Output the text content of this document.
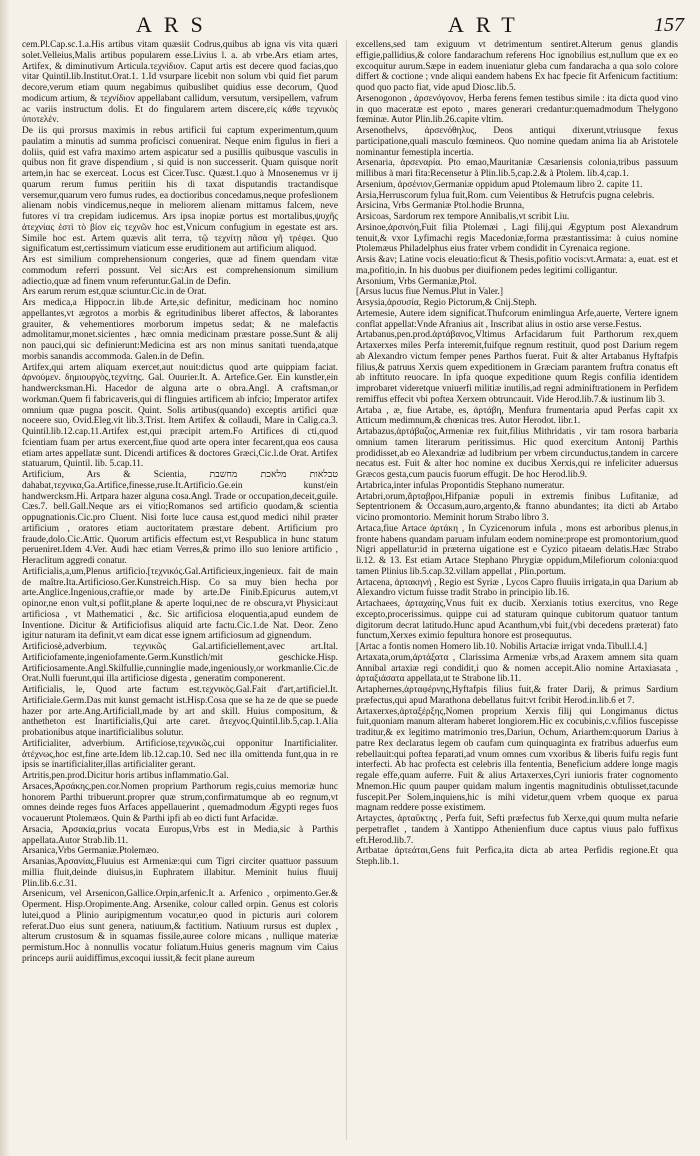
ARS	ART	157

cem.Pl.Cap.sc.1.a.His artibus vitam quæsiit Codrus,quibus ab igna vis vita quæri solet.Velleius,Malis artibus popularem esse.Livius l. a. ab vrbe.Ars etiam artes, Artifex, & diminutivum Articula.τεχνίδιον. Caput artis est decere quod facias,quo vitar Quintil.lib.Institut.Orat.1. 1.Id vsurpare licebit non solum vbi quid fiet parum decore,verum etiam quum negabimus quibuslibet quidius esse decorum, Quod modicum artium, & τεχνίδιον appellabant callidum, versutum, versipellem, vafrum ac variis instructum dolis. Et do fingularem artem discere,εἰς κάθε τεχνικὸς ὑποτελέν.

De iis qui prorsus maximis in rebus artificii fui captum experimentum,quum paulatim a minutis ad summa proficisci conuenirat. Neque enim figulus in fieri a doliis, quid est vafra maximo artem aspicatur sed a pusillis quibusque vasculis in quibus non fit grave dispendium , si quid is non successerit. Quam quisque norit artem,in hac se exerceat. Locus est Cicer.Tusc. Quæst.1.quo à Mnosenemus vr ij quarum rerum fumus peritiin his di taxat disputandis tractandisque versemur,quarum vero fumus rudes, ea doctioribus concedamus,neque profeslionem alienam nobis vindicemus,neque in meliorem alienam mittamus falcem, neve futores vi tra crepidam iudicemus. Ars ipsa inopiæ portus est mortalibus,ψυχῆς ἀτεχνίας ἐστὶ τὸ βίον εἰς τεχνῶν hoc est,Vnicum confugium in egestate est ars. Simile hoc est. Artem quævis alit terra, τῷ τεχνίτῃ πᾶσα γῆ τρέφει. Quo significatum est,certissimum viaticum esse eruditionem aut artificium aliquod.

Ars est similium comprehensionum congeries, quæ ad finem quendam vitæ commodum referri possunt. Vel sic:Ars est comprehensionum similium adiectio,quæ ad finem vnum referuntur.Gal.in de Defin.

Ars earum rerum est,quæ sciuntur.Cic.in de Orat.

Ars medica,a Hippocr.in lib.de Arte,sic definitur, medicinam hoc nomino appellantes,vt ægrotos a morbis & egritudinibus liberet affectos, & laborantes grauiter, & vehementiores morborum impetus sedat; & ne malefactis admolitamur,monet.sicientes , hæc omnia medicinam præstare posse.Sunt & alij non pauci,qui sic definierunt:Medicina est ars non minus sanitati tuenda,atque morbis sanandis accommoda. Galen.in de Defin.

Artifex,qui artem aliquam exercet,aut nouit:dictus quod arte quippiam faciat. ἀρνούμεν. δημιουργὸς,τεχνίτης. Gal. Ouurier.It. A. Artefice.Ger. Ein kunstler,ein handwercksman.Hi. Hacedor de alguna arte o obra.Angl. A craftsman,or workman.Quem fi fabricaveris,qui di flinguies artificem ab infcio; Imperator artifex omnium quæ pugna poscit. Quint. Solis artibus(quando) exceptis artifici quæ noceere suo, Ovid.Eleg.vit lib.3.Trist. Item Artifex & collaudi, Mare in Calig.ca.3. Quintil.lib.12.cap.11.Artifex est,qui præcipit artem.Fo Artifices di cti,quod fcientiam fuam per artus exercent,fiue quod arte opera inter fecarent,qua eos causa etiam artes appellatæ sunt. Dicendi artifices & doctores Græci,Cic.l.de Orat. Artifex statuarum, Quintil. lib. 5.cap.11.

Artificium, Ars & Scientia, טבלאות מלאכת מחשבת dahabat,τεχνικα,Ga.Artifice,finesse,ruse.It.Artificio.Ge.ein kunst/ein handwercksm.Hi. Artpara hazer alguna cosa.Angl. Trade or occupation,deceit,guile. Cæs.7. bell.Gall.Neque ars ei vitio;Romanos sed artificio quodam,& scientia oppugnationis.Cic.pro Cluent. Nisi forte luce causa est,quod medici nihil præter artificium , oratores etiam auctoritatem præstare debent. Artificium pro fraude,dolo.Cic.Attic. Quorum artificis effectum est,vt Respublica in hunc statum perueniret.Idem 4.Ver. Audi hæc etiam Verres,& primo illo suo leniore artificio , Heraclitum aggredi conatur.

Artificialis,a,um,Plenus artificio.[τεχνικός.Gal.Artificieux,ingenieux. fait de main de maître.Ita.Artificioso.Ger.Kunstreich.Hisp. Co sa muy bien hecha por arte.Anglice.Ingenious,craftie,or made by arte.De Finib.Epicurus autem,vt opinor,ne enon vult,si poflit,plane & aperte loqui,nec de re obscura,vt Physici:aut artificiosa , vt Mathematici , &c. Sic artificiosa eloquentia,apud eundem de Inventione. Dicitur & Artificiofisus aliquid arte factu.Cic.1.de Nat. Deor. Zeno igitur naturam ita definit,vt eam dicat esse ignem artificiosum ad gignendum.

Artificiosè,adverbium. τεχνικῶς Gal.artificiellement,avec art.Ital. Artificiofamente,ingeniofamente.Germ.Kunstlich/mit geschicke.Hisp. Artificiosamente.Angl.Skilfullie,cunninglie made,ingeniously,or workmanlie.Cic.de Orat.Nulli fuerunt,qui illa artificiose digesta , generatim componerent.

Artificialis, le, Quod arte factum est.τεχνικὸς.Gal.Fait d'art,artificiel.It. Artificiale.Germ.Das mit kunst gemacht ist.Hisp.Cosa que se ha ze de que se puede hazer por arte.Ang.Artificiall,made by art and skill. Huius compositum, & anthetheton est Inartificialis,Qui arte caret. ἄτεχνος.Quintil.lib.5,cap.1.Alia probationibus atque inartificialibus solutur.

Artificialiter, adverbium. Artificiose,τεχνικῶς,cui opponitur Inartificialiter. ἀτέχνως,hoc est,fine arte.Idem lib.12.cap.10. Sed nec illa omittenda funt,qua in re ipsis se inartificialiter,illas artificialiter gerant.

Artritis,pen.prod.Dicitur horis artibus inflammatio.Gal.

Arsaces,Ἀρσάκης,pen.cor.Nomen proprium Parthorum regis,cuius memoriæ hunc honorem Parthi tribuerunt.proprer quæ strum,confirmatumque ab eo regnum,vt omnes deinde reges fuos Arfaces appellauerint , quemadmodum Ægypti reges fuos vocauerunt Ptolemæos. Quin & Parthi ipfi ab eo dicti funt Arfacidæ.

Arsacia, Ἀρσακία,prius vocata Europus,Vrbs est in Media,sic à Parthis appellata.Autor Strab.lib.11.

Arsanica,Vrbs Germaniæ.Ptolemæo.

Arsanias,Ἀρσανίας,Fluuius est Armeniæ:qui cum Tigri circiter quattuor passuum millia fluit,deinde diuisus,in Euphratem illabitur. Meminit huius fluuij Plin.lib.6.c.31.

Arsenicum, vel Arsenicon,Gallice.Orpin,arfenic.It a. Arfenico , orpimento.Ger.& Operment. Hisp.Oropimente.Ang. Arsenike, colour called orpin. Genus est coloris lutei,quod a Plinio auripigmentum vocatur,eo quod in picturis auri colorem referat.Duo eius sunt genera, natiuum,& factitium. Natiuum rursus est duplex , alterum crustosum & in squamas fissile,auree colore micans , nullique materiæ permistum.Hoc à nonnullis vocatur foliatum.Huius generis magnum vim Caius princeps aurii auidiffimus,excoqui iussit,& fecit plane aureum

excellens,sed tam exiguum vt detrimentum sentiret.Alterum genus glandis effigie,pallidius,& colore fandarachum referens Hoc ignobilius est,nullum que ex eo excoquitur aurum.Sæpe in eadem inueniatur gleba cum fandaracha a qua solo colore differt & coctione ; vnde aliqui eandem habens Ex hac fpecie fit Arfenicum factitium: quod quo pacto fiat, vide apud Diosc.lib.5.

Arsenogonon , ἀρσενόγονον, Herba ferens femen testibus simile : ita dicta quod vino in quo maceratæ est epoto , mares generari credantur:quemadmodum Thelygono fœminæ. Autor Plin.lib.26.capite vltim.

Arsenothelvs, ἀρσενόθηλυς, Deos antiqui dixerunt,vtriusque fexus participatione,quali masculo fœmineos. Quo nomine quedam anima lia ab Aristotele nominantur femestipla incertia.

Arsenaria, ἀρσεναρία. Pto emao,Mauritaniæ Cæsariensis colonia,tribus passuum millibus à mari fita:Recensetur à Plin.lib.5,cap.2.& à Ptolem. lib.4,cap.1.

Arsenium, ἀρσένιον,Germaniæ oppidum apud Ptolemaum libro 2. capite 11.

Arsia,Herruscorum fylua fuit,Rom. cum Veientibus & Hetrufcis pugna celebris.

Arsicina, Vrbs Germaniæ Ptol.hodie Brunna,

Arsicoas, Sardorum rex tempore Annibalis,vt scribit Liu.

Arsinoe,ἀρσινόη,Fuit filia Ptolemæi , Lagi filij,qui Ægyptum post Alexandrum tenuit,& vxor Lyfimachi regis Macedoniæ,forma præstantissima: à cuius nomine Ptolemæus Philadelphus eius frater vrbem condidit in Cyrenaica regione.

Arsis &av; Latine vocis eleuatio:ficut & Thesis,pofitio vocis:vt.Armata: a, euat. est et ma,pofitio,in. In his duobus per diuifionem pedes legitimi colligantur.

Arsonium, Vrbs Germaniæ,Ptol.

[Arsus lucus fiue Nemus.Plut in Valer.]

Arsysia,ἀρσυσία, Regio Pictorum,& Cnij.Steph.

Artemesie, Autere idem significat.Thufcorum enimlingua Arfe,auerte, Vertere ignem conflat appellat:Vnde Afranius ait , Inscribat alius in ostio arse verse.Festus.

Artabanus,pen.prod.ἀρτάβανος,Vltimus Arfacidarum fuit Parthorum rex,quem Artaxerxes miles Perfa interemit,fuifque regnum restituit, quod post Darium regem ab Alexandro victum femper penes Parthos fuerat. Fuit & alter Artabanus Hyftafpis filius,& patruus Xerxis quem expeditionem in Græciam parantem fruftra conatus eft ab inftituto reuocare. In ipfa quoque expeditione quum Regis confilia identidem improbaret videretque vniuerfi militiæ inutilis,ad regni adminiftrationem in Perfidem remiffus effecit vbi poftea Xerxem obtruncauit. Vide Herod.lib.7.& iustinum lib 3.

Artaba , æ, fiue Artabe, es, ἀρτάβη, Menfura frumentaria apud Perfas capit xx Atticum medimnum,& chœnicas tres. Autor Herodot. libr.1.

Artabazus,ἀρτάβαζος,Armeniæ rex fuit,filius Mithridatis , vir tam rosora barbaria omnium tamen literarum peritissimus. Hic quod exercitum Antonij Parthis prodidisset,ab eo Alexandriæ ad ludibrium per vrbem circunductus,tandem in carcere necatus est. Fuit & alter hoc nomine ex ducibus Xerxis,qui re infeliciter aduersus Græcos gesta,cum paucis fuorum effugit. De hoc Herod.lib.9.

Artabrica,inter infulas Propontidis Stephano numeratur.

Artabri,orum,ἄρταβροι,Hifpaniæ populi in extremis finibus Lufitaniæ, ad Septentrionem & Occasum,auro,argento,& ftanno abundantes; ita dicti ab Artabo vicino promontorio. Meminit horum Strabo libro 3.

Artaca,fiue Artace ἀρτάκη , In Cyzicenorum infula , mons est arboribus plenus,in fronte habens quandam paruam infulam eodem nomine:prope est promontorium,quod Nigri appellatur:id in præterna uigatione est e Cyzico pitaeam delatis.Hæc Strabo li.12. & 13. Est etiam Artace Stephano Phrygiæ oppidum,Milefiorum colonia:quod tamen Plinius lib.5.cap.32.villam appellat , Plin.portum.

Artacena, ἀρτακηνή , Regio est Syriæ , Lycos Capro fluuiis irrigata,in qua Darium ab Alexandro victum fuisse tradit Strabo in principio lib.16.

Artachaees, ἀρταχαίης,Vnus fuit ex ducib. Xerxianis totius exercitus, vno Rege excepto,procerissimus. quippe cui ad staturam quinque cubitorum quatuor tantum digitorum decrat latitudo.Hunc apud Acanthum,vbi fuit,(vbi decedens præterat) fato functum,Xerxes eximio fepultura honore est prosequutus.

[Artac a fontis nomen Homero lib.10. Nobilis Artaciæ irrigat vnda.Tibull.l.4.]

Artaxata,orum,ἀρτάξατα , Clarissima Armeniæ vrbs,ad Araxem amnem sita quam Annibal artaxiæ regi condidit,i quo & nomen accepit.Alio nomine Artaxiasata , ἀρταξιάσατα appellata,ut te Strabone lib.11.

Artaphernes,ἀρταφέρνης,Hyftafpis filius fuit,& frater Darij, & primus Sardium præfectus,qui apud Marathona debellatus fuit:vt fcribit Herod.in.lib.6 et 7.

Artaxerxes,ἀρταξέρξης,Nomen proprium Xerxis filij qui Longimanus dictus fuit,quoniam manum alteram haberet longiorem.Hic ex cocubinis,c.v.filios fuscepisse traditur,& ex legitimo matrimonio tres,Dariun, Ochum, Ariarthem:quorum Darius à patre Rex declaratus legem ob caufam cum quinquaginta ex fratribus aduerfus eum rebellauit:qui poftea feparati,ad vnum omnes cum vxoribus & liberis fuifu regis funt interfecti. Ab hac profecta est celebris illa fententia, Beneficium addere longe magis regale effe,quam auferre. Fuit & alius Artaxerxes,Cyri iunioris frater cognomento Mnemon.Hic quum pauper quidam malum ingentis magnitudinis obtulisset,tacunde fuscepit.Per Solem,inquiens,hic is mihi videtur,quem vrbem quoque ex parua magnam reddere posse existimem.

Artayctes, ἀρταΰκτης , Perfa fuit, Sefti præfectus fub Xerxe,qui quum multa nefarie perpetraflet , tandem à Xantippo Athenienfium duce captus viuus palo fuffixus eft.Herod.lib.7.

Artbatae ἀρτεάται,Gens fuit Perfica,ita dicta ab artea Perfidis regione.Et qua Steph.lib.1.
